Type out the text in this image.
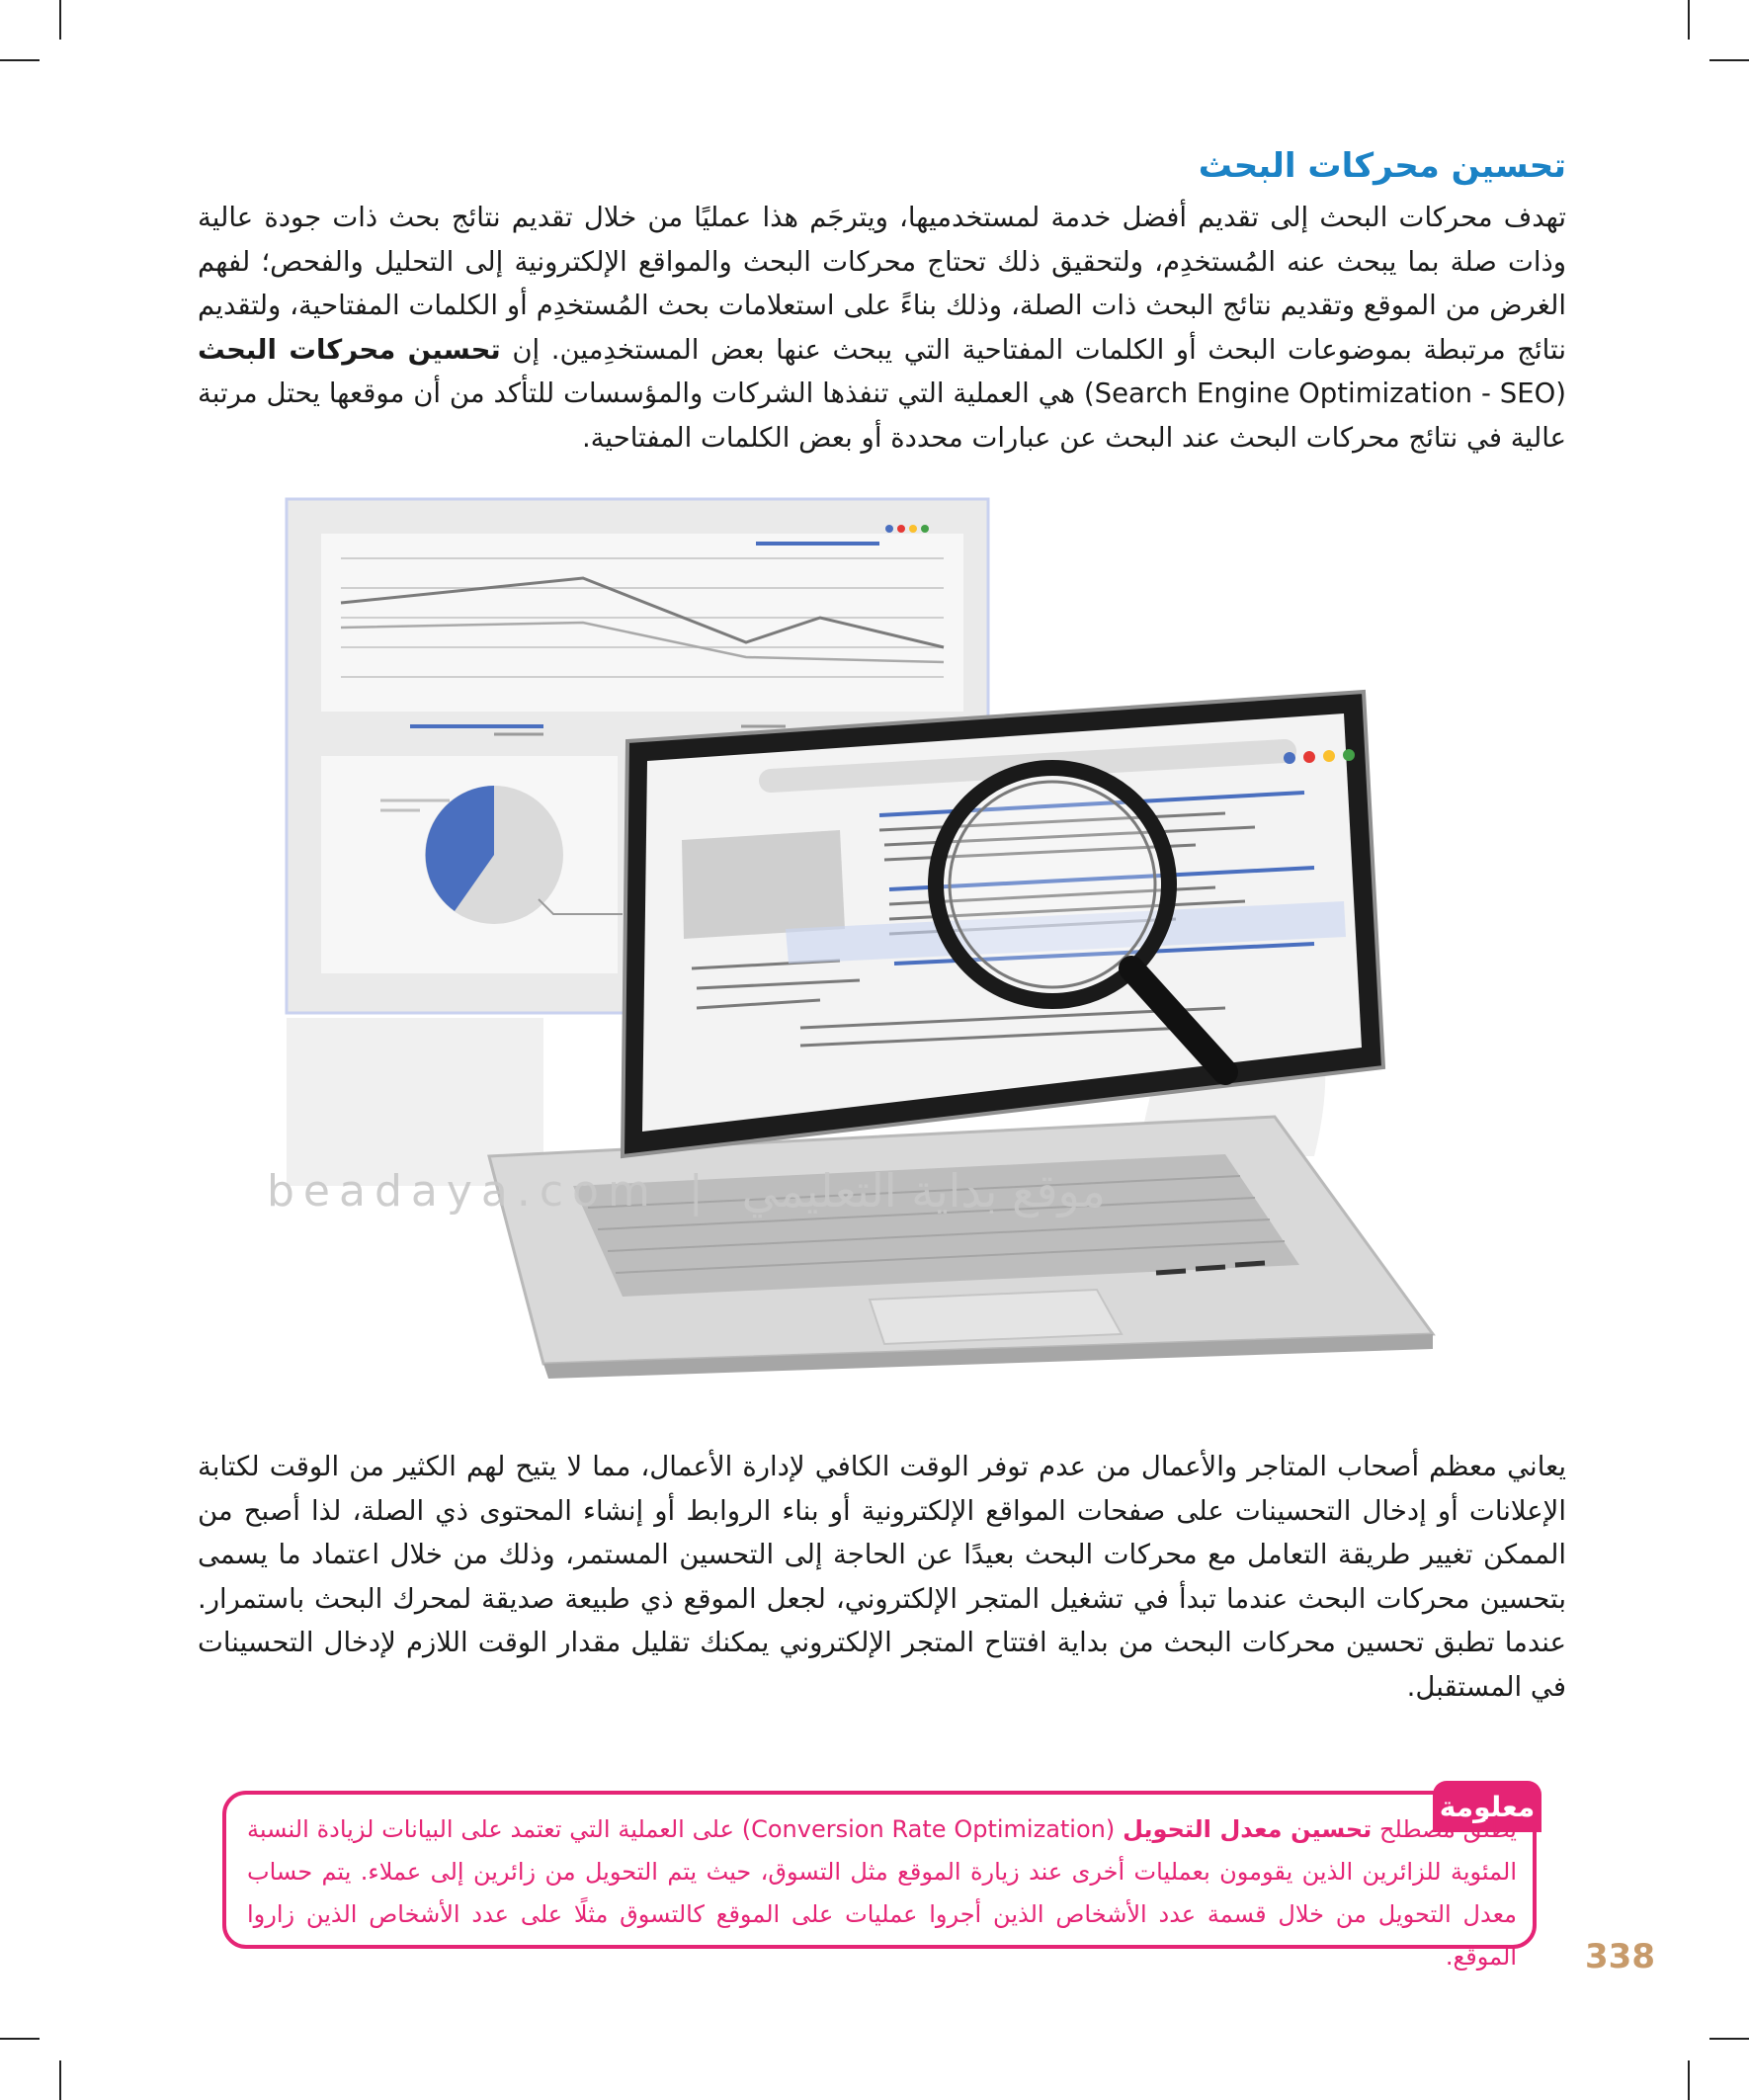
تحسين محركات البحث

تهدف محركات البحث إلى تقديم أفضل خدمة لمستخدميها، ويترجَم هذا عمليًا من خلال تقديم نتائج بحث ذات جودة عالية وذات صلة بما يبحث عنه المُستخدِم، ولتحقيق ذلك تحتاج محركات البحث والمواقع الإلكترونية إلى التحليل والفحص؛ لفهم الغرض من الموقع وتقديم نتائج البحث ذات الصلة، وذلك بناءً على استعلامات بحث المُستخدِم أو الكلمات المفتاحية، ولتقديم نتائج مرتبطة بموضوعات البحث أو الكلمات المفتاحية التي يبحث عنها بعض المستخدِمين. إن تحسين محركات البحث (Search Engine Optimization - SEO) هي العملية التي تنفذها الشركات والمؤسسات للتأكد من أن موقعها يحتل مرتبة عالية في نتائج محركات البحث عند البحث عن عبارات محددة أو بعض الكلمات المفتاحية.

beadaya.com | موقع بداية التعليمي

يعاني معظم أصحاب المتاجر والأعمال من عدم توفر الوقت الكافي لإدارة الأعمال، مما لا يتيح لهم الكثير من الوقت لكتابة الإعلانات أو إدخال التحسينات على صفحات المواقع الإلكترونية أو بناء الروابط أو إنشاء المحتوى ذي الصلة، لذا أصبح من الممكن تغيير طريقة التعامل مع محركات البحث بعيدًا عن الحاجة إلى التحسين المستمر، وذلك من خلال اعتماد ما يسمى بتحسين محركات البحث عندما تبدأ في تشغيل المتجر الإلكتروني، لجعل الموقع ذي طبيعة صديقة لمحرك البحث باستمرار. عندما تطبق تحسين محركات البحث من بداية افتتاح المتجر الإلكتروني يمكنك تقليل مقدار الوقت اللازم لإدخال التحسينات في المستقبل.

معلومة

يطلق مصطلح تحسين معدل التحويل (Conversion Rate Optimization) على العملية التي تعتمد على البيانات لزيادة النسبة المئوية للزائرين الذين يقومون بعمليات أخرى عند زيارة الموقع مثل التسوق، حيث يتم التحويل من زائرين إلى عملاء. يتم حساب معدل التحويل من خلال قسمة عدد الأشخاص الذين أجروا عمليات على الموقع كالتسوق مثلًا على عدد الأشخاص الذين زاروا الموقع. 338
